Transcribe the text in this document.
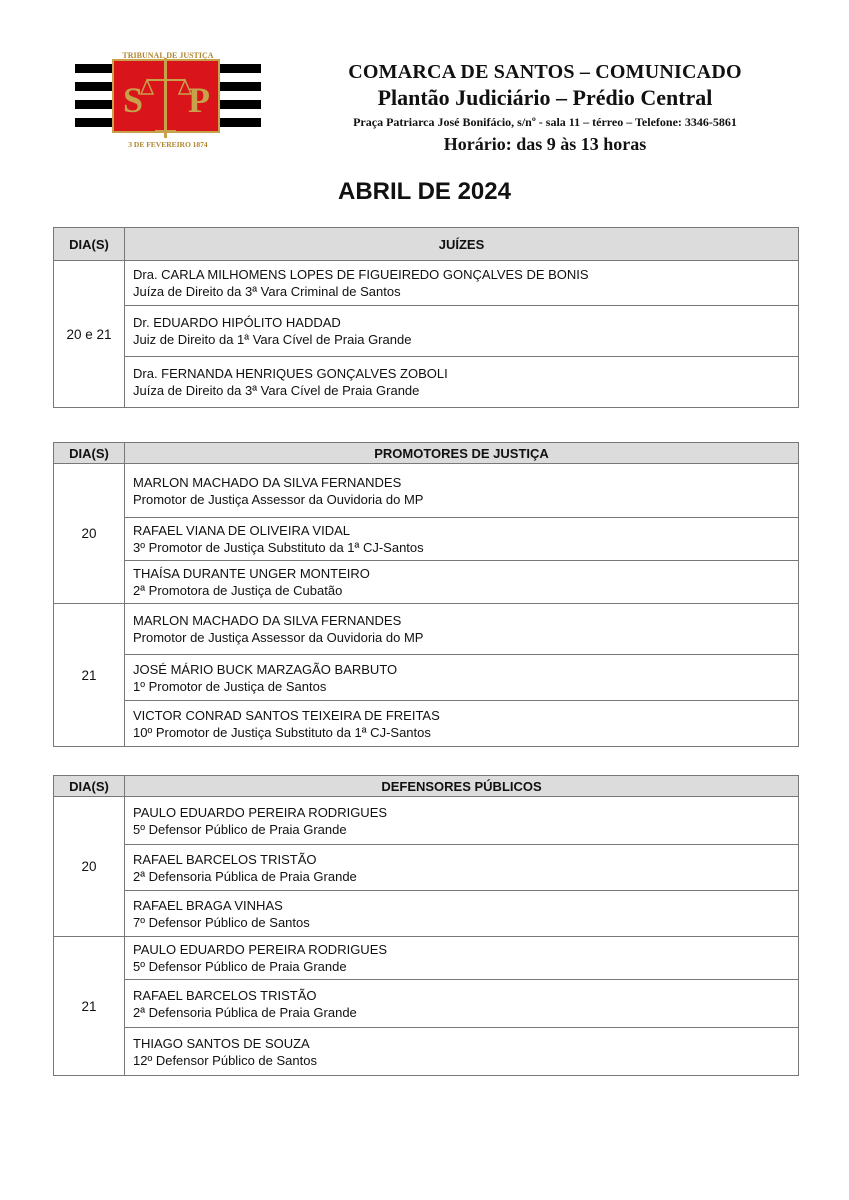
S P
TRIBUNAL DE JUSTIÇA
3 DE FEVEREIRO 1874
COMARCA DE SANTOS – COMUNICADO
Plantão Judiciário – Prédio Central
Praça Patriarca José Bonifácio, s/nº - sala 11 – térreo – Telefone: 3346-5861
Horário: das 9 às 13 horas
ABRIL DE 2024
DIA(S)	JUÍZES
20 e 21	Dra. CARLA MILHOMENS LOPES DE FIGUEIREDO GONÇALVES DE BONIS
Juíza de Direito da 3ª Vara Criminal de Santos

	Dr. EDUARDO HIPÓLITO HADDAD
Juiz de Direito da 1ª Vara Cível de Praia Grande

	Dra. FERNANDA HENRIQUES GONÇALVES ZOBOLI
Juíza de Direito da 3ª Vara Cível de Praia Grande
DIA(S)	PROMOTORES DE JUSTIÇA
20	MARLON MACHADO DA SILVA FERNANDES
Promotor de Justiça Assessor da Ouvidoria do MP

	RAFAEL VIANA DE OLIVEIRA VIDAL
3º Promotor de Justiça Substituto da 1ª CJ-Santos

	THAÍSA DURANTE UNGER MONTEIRO
2ª Promotora de Justiça de Cubatão

21	MARLON MACHADO DA SILVA FERNANDES
Promotor de Justiça Assessor da Ouvidoria do MP

	JOSÉ MÁRIO BUCK MARZAGÃO BARBUTO
1º Promotor de Justiça de Santos

	VICTOR CONRAD SANTOS TEIXEIRA DE FREITAS
10º Promotor de Justiça Substituto da 1ª CJ-Santos
DIA(S)	DEFENSORES PÚBLICOS
20	PAULO EDUARDO PEREIRA RODRIGUES
5º Defensor Público de Praia Grande

	RAFAEL BARCELOS TRISTÃO
2ª Defensoria Pública de Praia Grande

	RAFAEL BRAGA VINHAS
7º Defensor Público de Santos

21	PAULO EDUARDO PEREIRA RODRIGUES
5º Defensor Público de Praia Grande

	RAFAEL BARCELOS TRISTÃO
2ª Defensoria Pública de Praia Grande

	THIAGO SANTOS DE SOUZA
12º Defensor Público de Santos
